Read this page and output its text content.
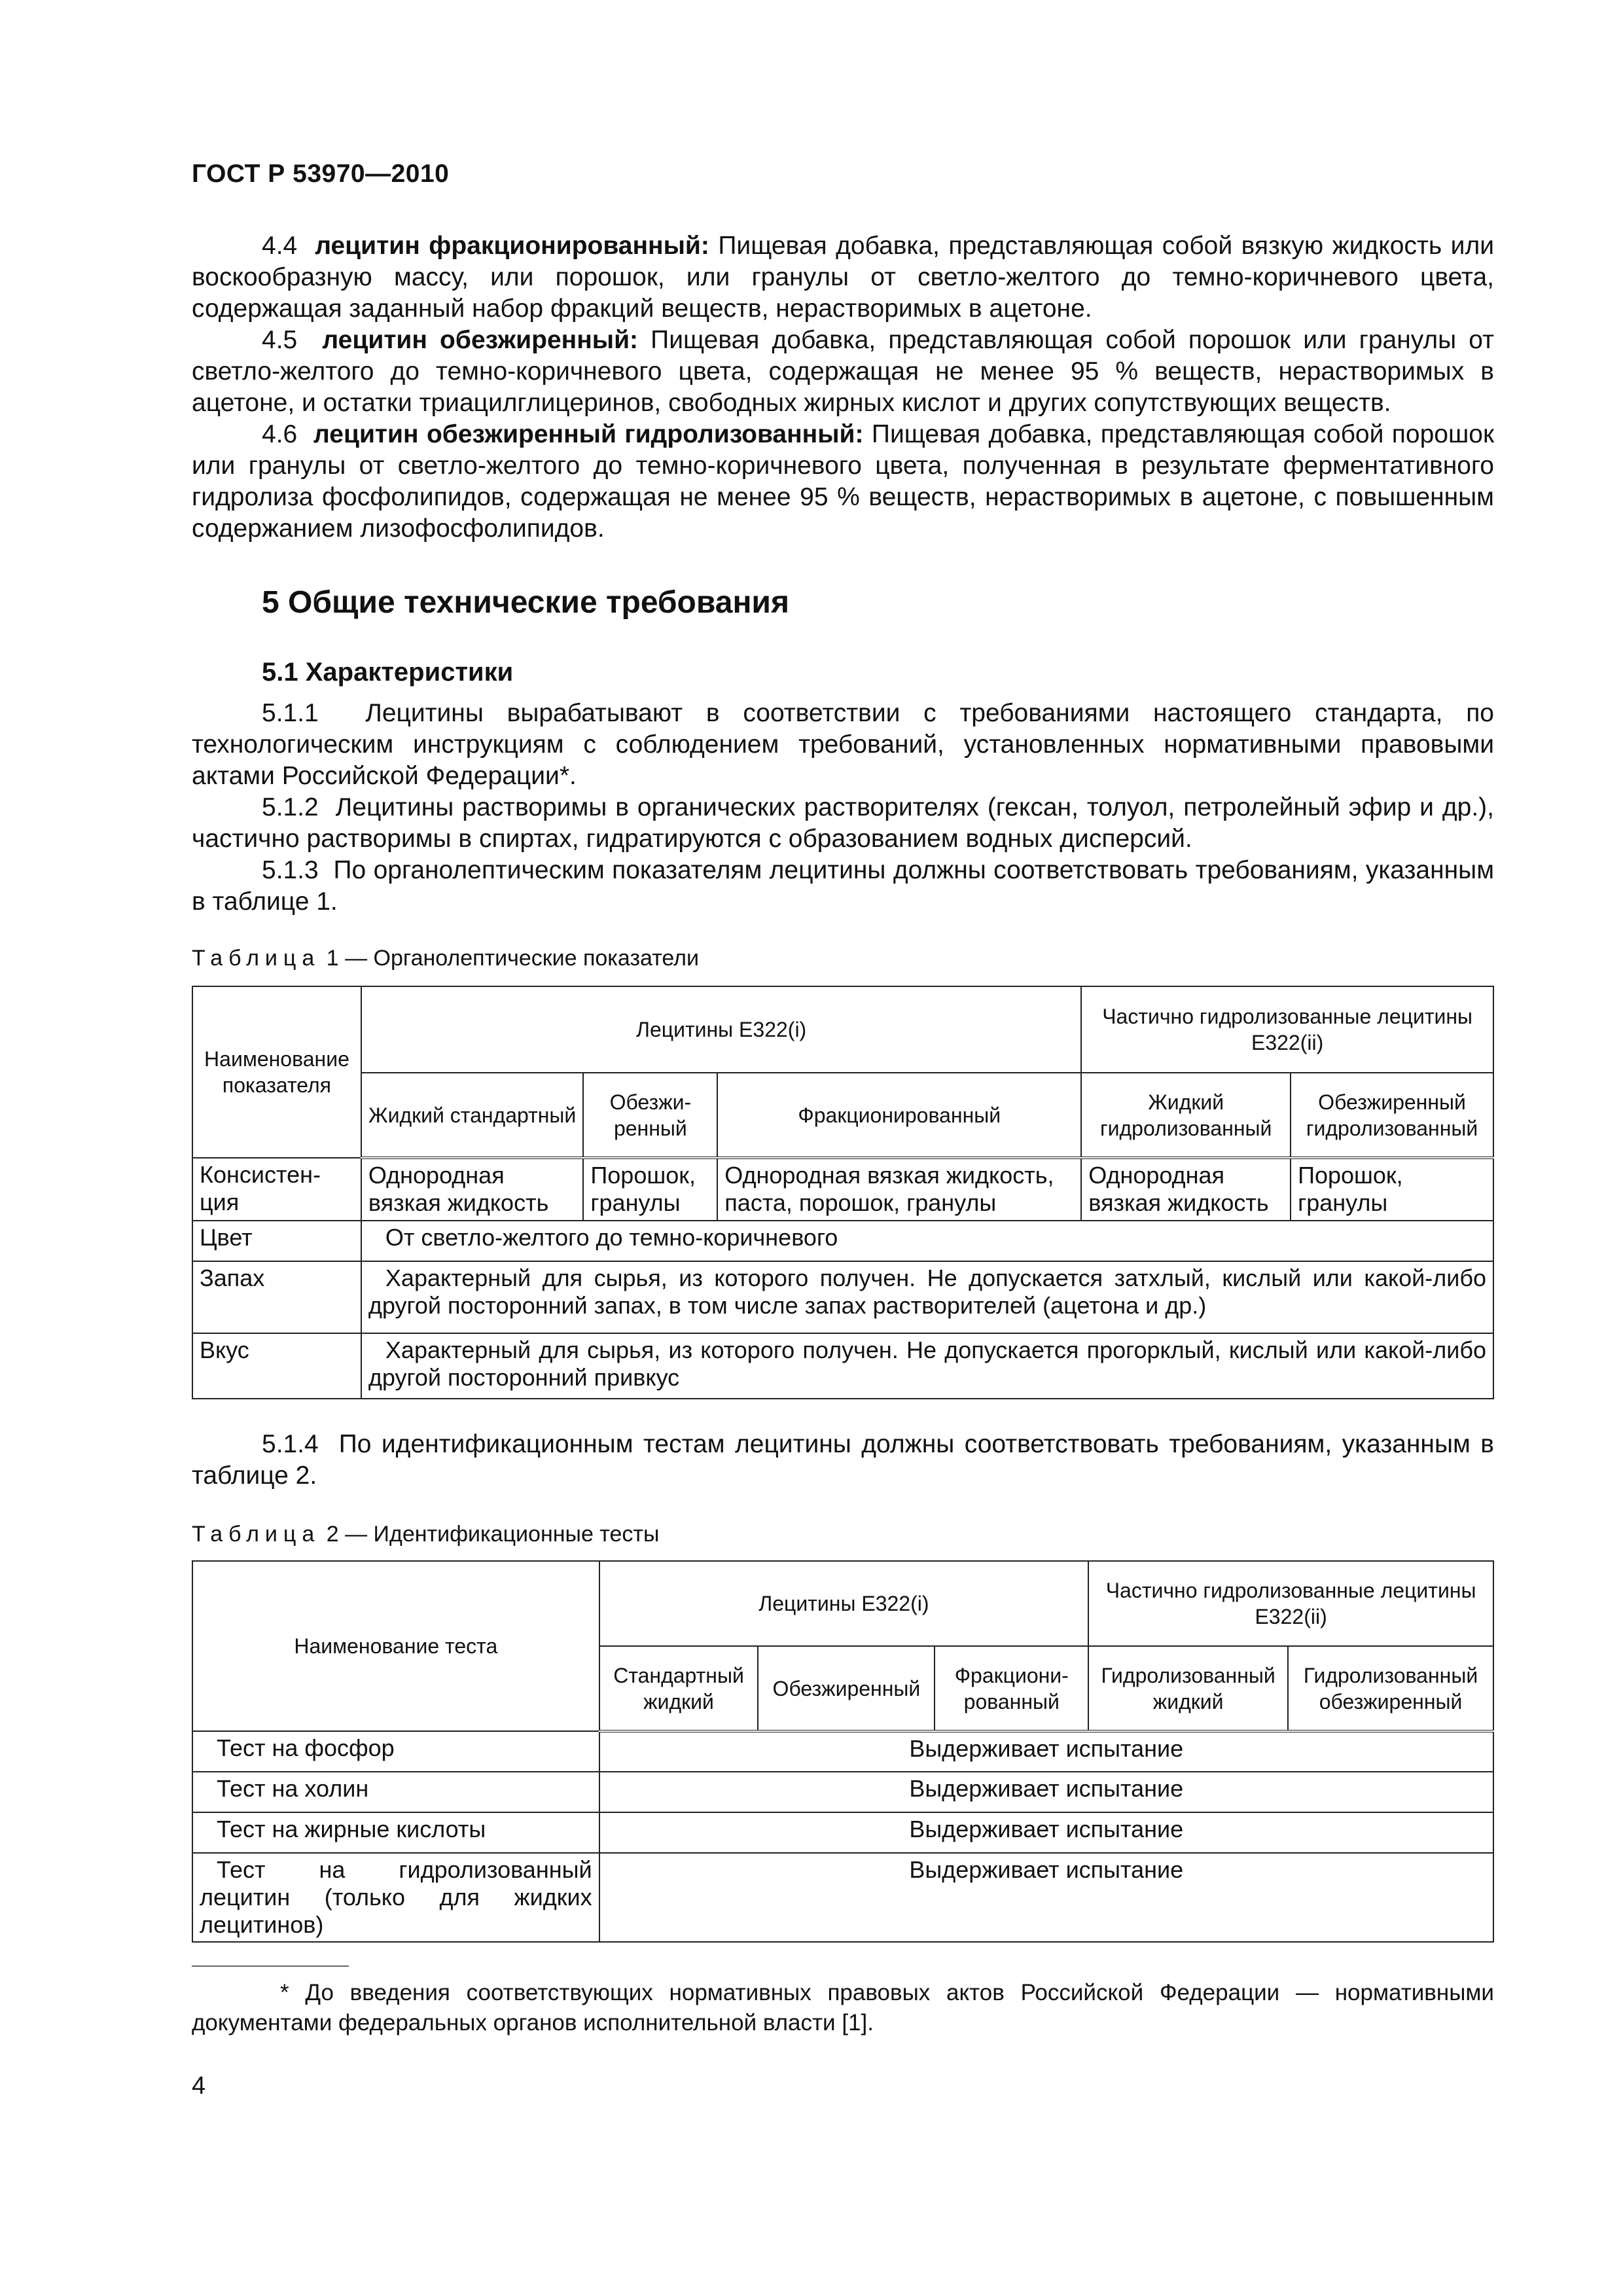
ГОСТ Р 53970—2010

4.4 лецитин фракционированный: Пищевая добавка, представляющая собой вязкую жидкость или воскообразную массу, или порошок, или гранулы от светло-желтого до темно-коричневого цвета, содержащая заданный набор фракций веществ, нерастворимых в ацетоне.

4.5 лецитин обезжиренный: Пищевая добавка, представляющая собой порошок или гранулы от светло-желтого до темно-коричневого цвета, содержащая не менее 95 % веществ, нерастворимых в ацетоне, и остатки триацилглицеринов, свободных жирных кислот и других сопутствующих веществ.

4.6 лецитин обезжиренный гидролизованный: Пищевая добавка, представляющая собой порошок или гранулы от светло-желтого до темно-коричневого цвета, полученная в результате ферментативного гидролиза фосфолипидов, содержащая не менее 95 % веществ, нерастворимых в ацетоне, с повышенным содержанием лизофосфолипидов.

5 Общие технические требования
5.1 Характеристики

5.1.1 Лецитины вырабатывают в соответствии с требованиями настоящего стандарта, по технологическим инструкциям с соблюдением требований, установленных нормативными правовыми актами Российской Федерации*.

5.1.2 Лецитины растворимы в органических растворителях (гексан, толуол, петролейный эфир и др.), частично растворимы в спиртах, гидратируются с образованием водных дисперсий.

5.1.3 По органолептическим показателям лецитины должны соответствовать требованиям, указанным в таблице 1.

Таблица 1 — Органолептические показатели
Наименование показателя	Лецитины Е322(i)			Частично гидролизованные лецитины Е322(ii)	
	Жидкий стандартный	Обезжи-ренный	Фракционированный	Жидкий гидролизованный	Обезжиренный гидролизованный
Консистен-ция	Однородная вязкая жидкость	Порошок, гранулы	Однородная вязкая жидкость, паста, порошок, гранулы	Однородная вязкая жидкость	Порошок, гранулы
Цвет	От светло-желтого до темно-коричневого				
Запах	Характерный для сырья, из которого получен. Не допускается затхлый, кислый или какой-либо другой посторонний запах, в том числе запах растворителей (ацетона и др.)				
Вкус	Характерный для сырья, из которого получен. Не допускается прогорклый, кислый или какой-либо другой посторонний привкус				

5.1.4 По идентификационным тестам лецитины должны соответствовать требованиям, указанным в таблице 2.

Таблица 2 — Идентификационные тесты
Наименование теста	Лецитины Е322(i)			Частично гидролизованные лецитины Е322(ii)	
	Стандартный жидкий	Обезжиренный	Фракциони-рованный	Гидролизованный жидкий	Гидролизованный обезжиренный
Тест на фосфор	Выдерживает испытание				
Тест на холин	Выдерживает испытание				
Тест на жирные кислоты	Выдерживает испытание				
Тест на гидролизованный лецитин (только для жидких лецитинов)	Выдерживает испытание				

* До введения соответствующих нормативных правовых актов Российской Федерации — нормативными документами федеральных органов исполнительной власти [1].

4
